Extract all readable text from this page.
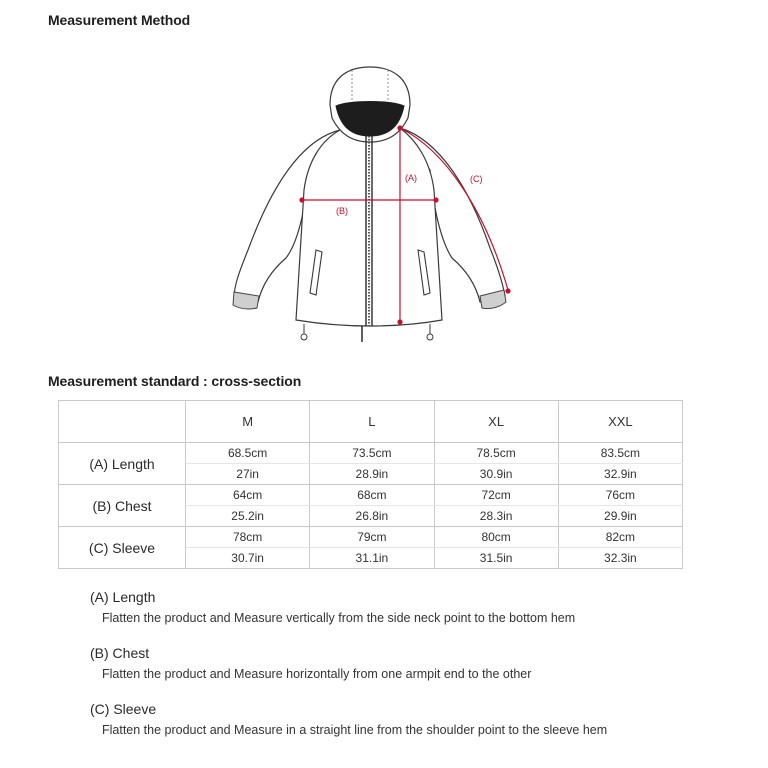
Measurement Method
(A)
(B)
(C)
Measurement standard : cross-section
	M	L	XL	XXL
(A) Length	68.5cm	73.5cm	78.5cm	83.5cm
	27in	28.9in	30.9in	32.9in
(B) Chest	64cm	68cm	72cm	76cm
	25.2in	26.8in	28.3in	29.9in
(C) Sleeve	78cm	79cm	80cm	82cm
	30.7in	31.1in	31.5in	32.3in
(A) Length
Flatten the product and Measure vertically from the side neck point to the bottom hem
(B) Chest
Flatten the product and Measure horizontally from one armpit end to the other
(C) Sleeve
Flatten the product and Measure in a straight line from the shoulder point to the sleeve hem
